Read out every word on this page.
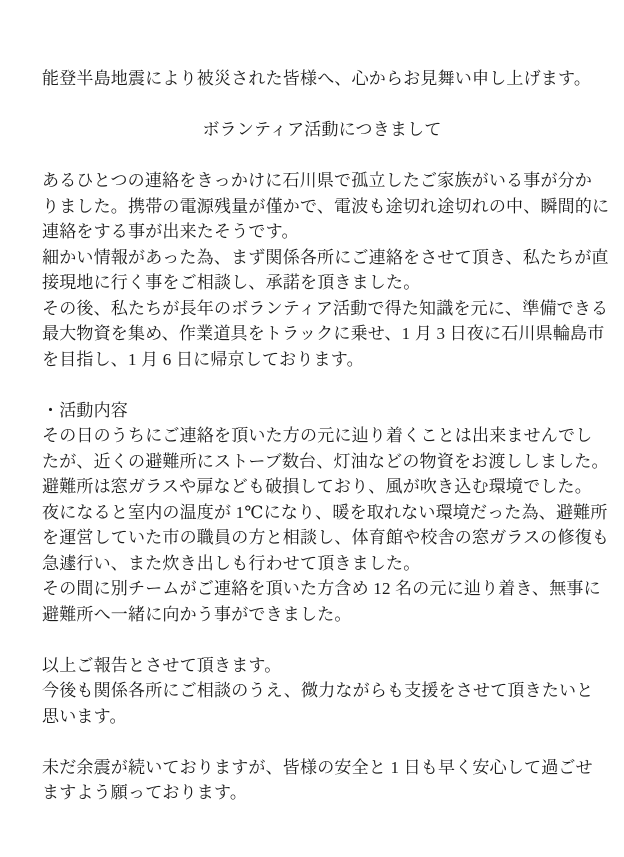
能登半島地震により被災された皆様へ、心からお見舞い申し上げます。
ボランティア活動につきまして
あるひとつの連絡をきっかけに石川県で孤立したご家族がいる事が分か
りました。携帯の電源残量が僅かで、電波も途切れ途切れの中、瞬間的に
連絡をする事が出来たそうです。
細かい情報があった為、まず関係各所にご連絡をさせて頂き、私たちが直
接現地に行く事をご相談し、承諾を頂きました。
その後、私たちが長年のボランティア活動で得た知識を元に、準備できる
最大物資を集め、作業道具をトラックに乗せ、1 月 3 日夜に石川県輪島市
を目指し、1 月 6 日に帰京しております。
・活動内容
その日のうちにご連絡を頂いた方の元に辿り着くことは出来ませんでし
たが、近くの避難所にストーブ数台、灯油などの物資をお渡ししました。
避難所は窓ガラスや扉なども破損しており、風が吹き込む環境でした。
夜になると室内の温度が 1℃になり、暖を取れない環境だった為、避難所
を運営していた市の職員の方と相談し、体育館や校舎の窓ガラスの修復も
急遽行い、また炊き出しも行わせて頂きました。
その間に別チームがご連絡を頂いた方含め 12 名の元に辿り着き、無事に
避難所へ一緒に向かう事ができました。
以上ご報告とさせて頂きます。
今後も関係各所にご相談のうえ、微力ながらも支援をさせて頂きたいと
思います。
未だ余震が続いておりますが、皆様の安全と 1 日も早く安心して過ごせ
ますよう願っております。
